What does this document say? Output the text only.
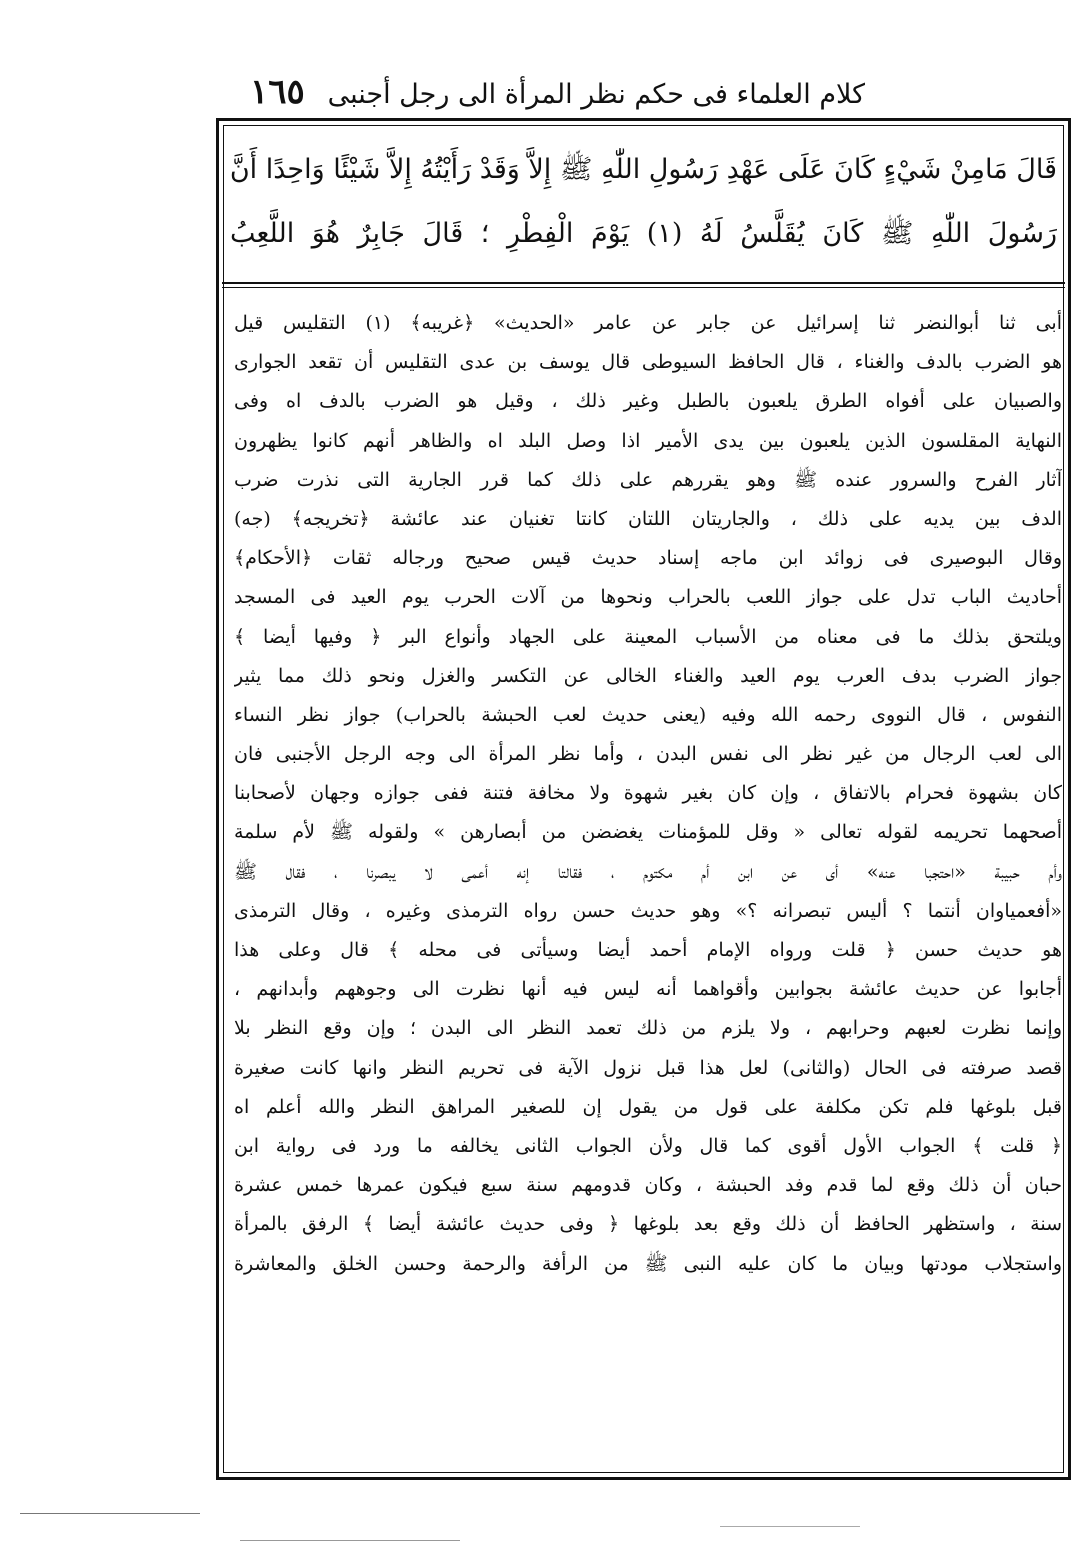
كلام العلماء فى حكم نظر المرأة الى رجل أجنبى
١٦٥
قَالَ مَامِنْ شَيْءٍ كَانَ عَلَى عَهْدِ رَسُولِ اللّٰهِ ﷺ إِلاَّ وَقَدْ رَأَيْتُهُ إِلاَّ شَيْئًا وَاحِدًا أَنَّ
رَسُولَ اللّٰهِ ﷺ كَانَ يُقَلَّسُ لَهُ (١) يَوْمَ الْفِطْرِ ؛ قَالَ جَابِرٌ هُوَ اللَّعِبُ
أبى ثنا أبوالنضر ثنا إسرائيل عن جابر عن عامر «الحديث» ﴿غريبه﴾ (١) التقليس قيل
هو الضرب بالدف والغناء ، قال الحافظ السيوطى قال يوسف بن عدى التقليس أن تقعد الجوارى
والصبيان على أفواه الطرق يلعبون بالطبل وغير ذلك ، وقيل هو الضرب بالدف اه وفى
النهاية المقلسون الذين يلعبون بين يدى الأمير اذا وصل البلد اه والظاهر أنهم كانوا يظهرون
آثار الفرح والسرور عنده ﷺ وهو يقررهم على ذلك كما قرر الجارية التى نذرت ضرب
الدف بين يديه على ذلك ، والجاريتان اللتان كانتا تغنيان عند عائشة ﴿تخريجه﴾ (جه)
وقال البوصيرى فى زوائد ابن ماجه إسناد حديث قيس صحيح ورجاله ثقات ﴿الأحكام﴾
أحاديث الباب تدل على جواز اللعب بالحراب ونحوها من آلات الحرب يوم العيد فى المسجد
ويلتحق بذلك ما فى معناه من الأسباب المعينة على الجهاد وأنواع البر ﴿ وفيها أيضا ﴾
جواز الضرب بدف العرب يوم العيد والغناء الخالى عن التكسر والغزل ونحو ذلك مما يثير
النفوس ، قال النووى رحمه الله وفيه (يعنى حديث لعب الحبشة بالحراب) جواز نظر النساء
الى لعب الرجال من غير نظر الى نفس البدن ، وأما نظر المرأة الى وجه الرجل الأجنبى فان
كان بشهوة فحرام بالاتفاق ، وإن كان بغير شهوة ولا مخافة فتنة ففى جوازه وجهان لأصحابنا
أصحهما تحريمه لقوله تعالى « وقل للمؤمنات يغضضن من أبصارهن » ولقوله ﷺ لأم سلمة
وأم حبيبة «احتجبا عنه» أى عن ابن أم مكتوم ، فقالتا إنه أعمى لا يبصرنا ، فقال ﷺ
«أفعمياوان أنتما ؟ أليس تبصرانه ؟» وهو حديث حسن رواه الترمذى وغيره ، وقال الترمذى
هو حديث حسن ﴿ قلت ورواه الإمام أحمد أيضا وسيأتى فى محله ﴾ قال وعلى هذا
أجابوا عن حديث عائشة بجوابين وأقواهما أنه ليس فيه أنها نظرت الى وجوههم وأبدانهم ،
وإنما نظرت لعبهم وحرابهم ، ولا يلزم من ذلك تعمد النظر الى البدن ؛ وإن وقع النظر بلا
قصد صرفته فى الحال (والثانى) لعل هذا قبل نزول الآية فى تحريم النظر وانها كانت صغيرة
قبل بلوغها فلم تكن مكلفة على قول من يقول إن للصغير المراهق النظر والله أعلم اه
﴿ قلت ﴾ الجواب الأول أقوى كما قال ولأن الجواب الثانى يخالفه ما ورد فى رواية ابن
حبان أن ذلك وقع لما قدم وفد الحبشة ، وكان قدومهم سنة سبع فيكون عمرها خمس عشرة
سنة ، واستظهر الحافظ أن ذلك وقع بعد بلوغها ﴿ وفى حديث عائشة أيضا ﴾ الرفق بالمرأة
واستجلاب مودتها وبيان ما كان عليه النبى ﷺ من الرأفة والرحمة وحسن الخلق والمعاشرة
